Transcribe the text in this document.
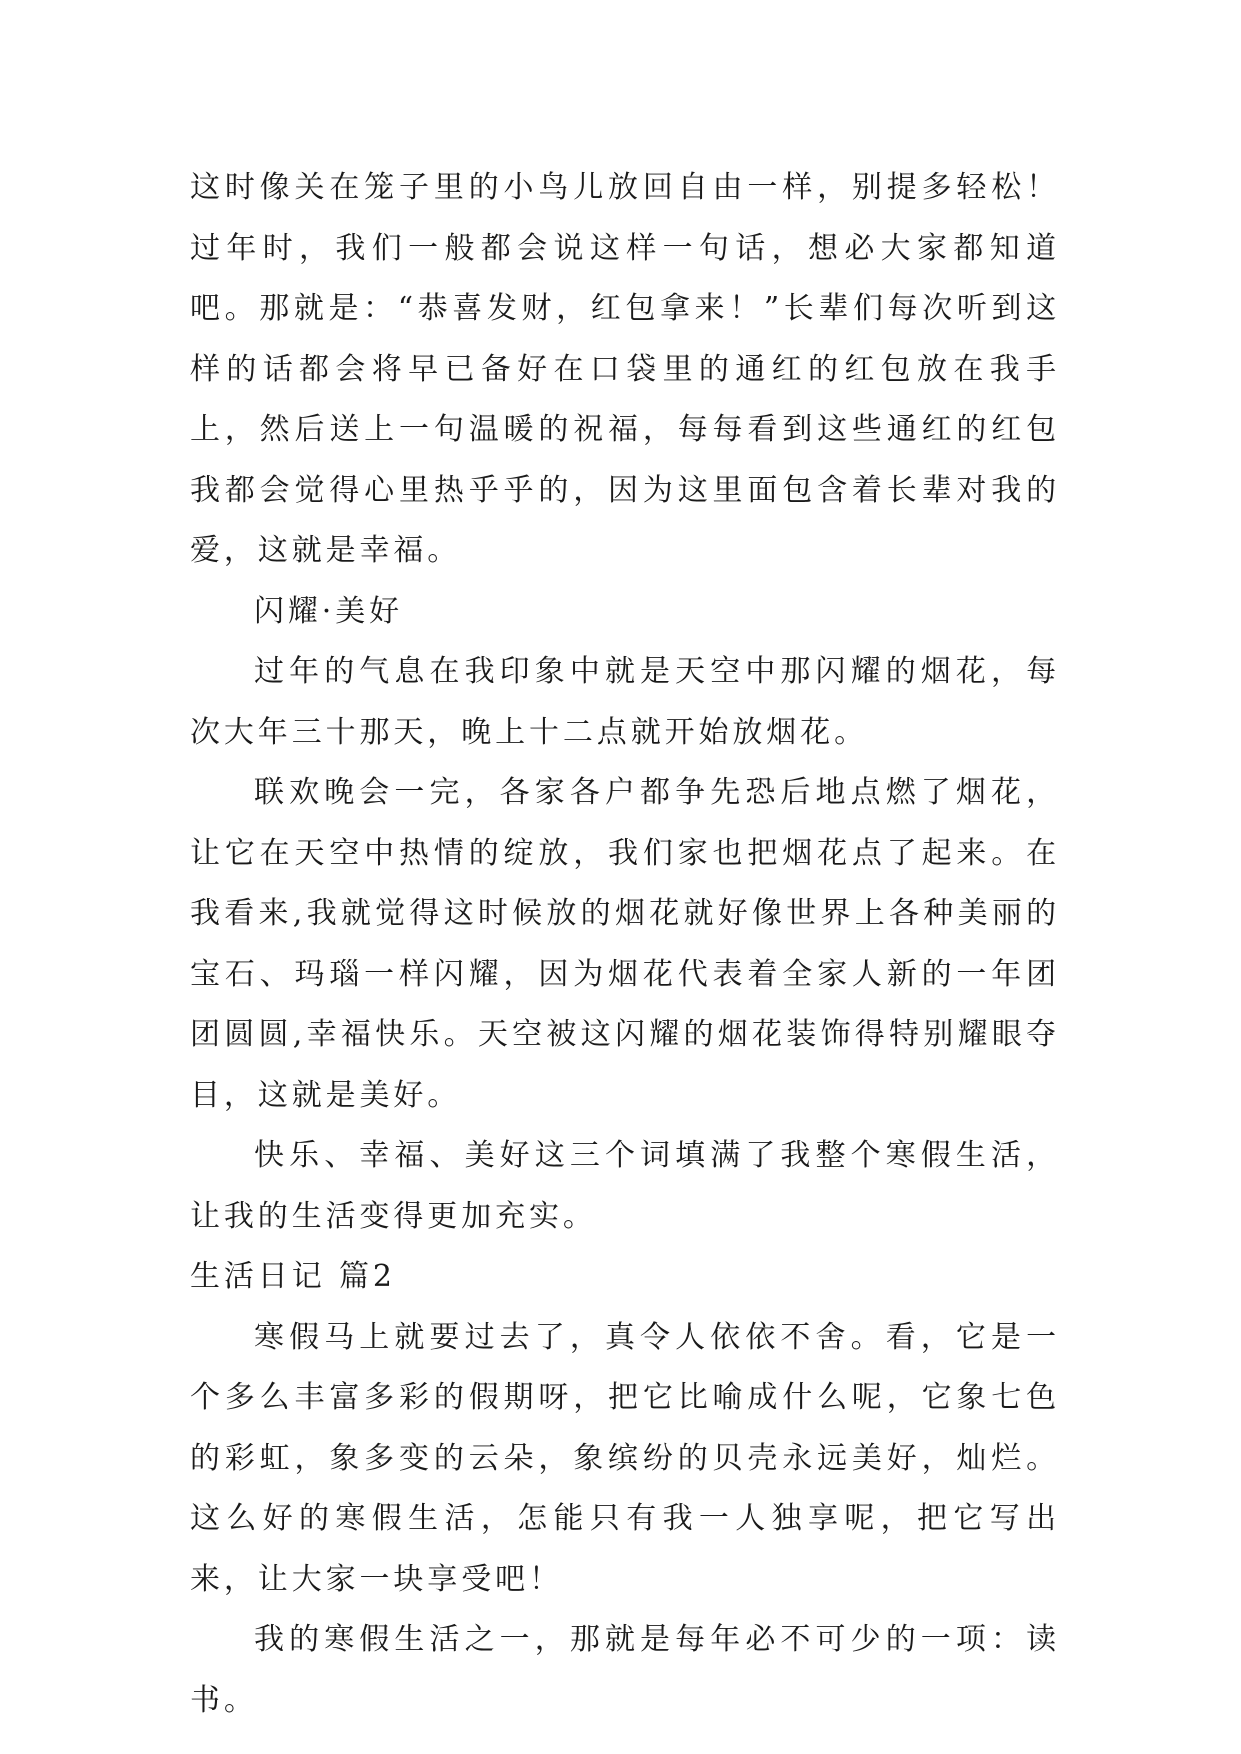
这时像关在笼子里的小鸟儿放回自由一样，别提多轻松！过年时，我们一般都会说这样一句话，想必大家都知道吧。那就是：“恭喜发财，红包拿来！”长辈们每次听到这样的话都会将早已备好在口袋里的通红的红包放在我手上，然后送上一句温暖的祝福，每每看到这些通红的红包我都会觉得心里热乎乎的，因为这里面包含着长辈对我的爱，这就是幸福。

闪耀·美好

过年的气息在我印象中就是天空中那闪耀的烟花，每次大年三十那天，晚上十二点就开始放烟花。

联欢晚会一完，各家各户都争先恐后地点燃了烟花，让它在天空中热情的绽放，我们家也把烟花点了起来。在我看来,我就觉得这时候放的烟花就好像世界上各种美丽的宝石、玛瑙一样闪耀，因为烟花代表着全家人新的一年团团圆圆,幸福快乐。天空被这闪耀的烟花装饰得特别耀眼夺目，这就是美好。

快乐、幸福、美好这三个词填满了我整个寒假生活，让我的生活变得更加充实。

生活日记 篇2

寒假马上就要过去了，真令人依依不舍。看，它是一个多么丰富多彩的假期呀，把它比喻成什么呢，它象七色的彩虹，象多变的云朵，象缤纷的贝壳永远美好，灿烂。这么好的寒假生活，怎能只有我一人独享呢，把它写出来，让大家一块享受吧！

我的寒假生活之一，那就是每年必不可少的一项：读书。
